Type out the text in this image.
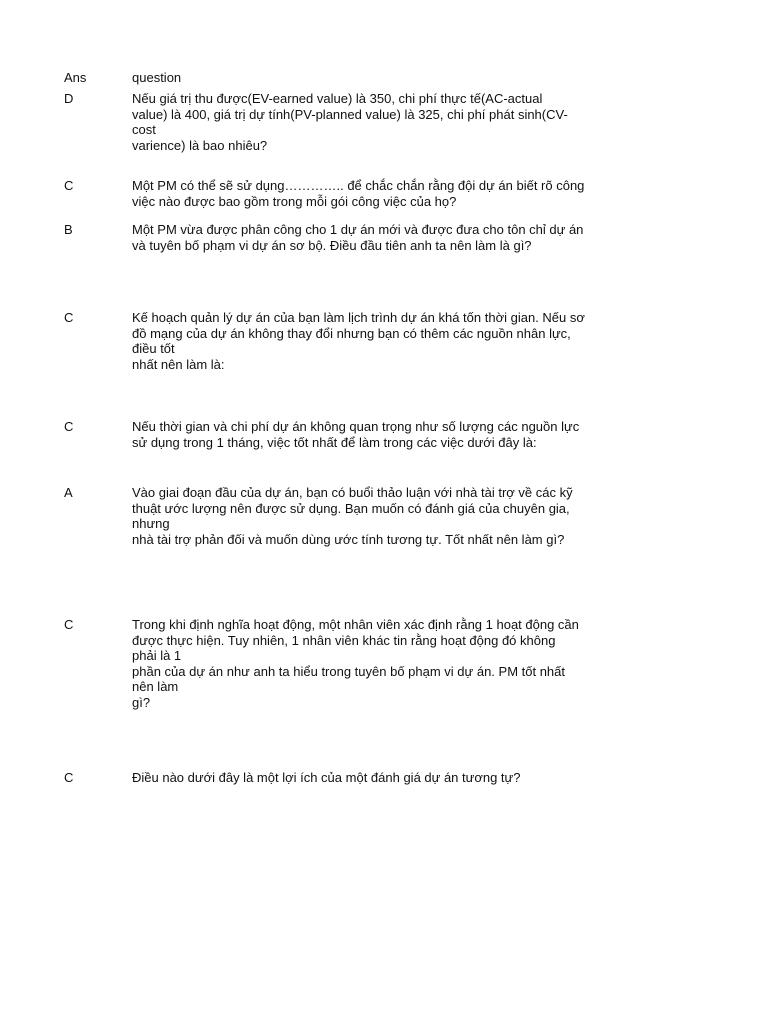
Ans	question
D	Nếu giá trị thu được(EV-earned value) là 350, chi phí thực tế(AC-actual
value) là 400, giá trị dự tính(PV-planned value) là 325, chi phí phát sinh(CV-
cost
varience) là bao nhiêu?
C	Một PM có thể sẽ sử dụng………….. để chắc chắn rằng đội dự án biết rõ công
việc nào được bao gồm trong mỗi gói công việc của họ?
B	Một PM vừa được phân công cho 1 dự án mới và được đưa cho tôn chỉ dự án
và tuyên bố phạm vi dự án sơ bộ. Điều đầu tiên anh ta nên làm là gì?
C	Kế hoạch quản lý dự án của bạn làm lịch trình dự án khá tốn thời gian. Nếu sơ
đồ mạng của dự án không thay đổi nhưng bạn có thêm các nguồn nhân lực,
điều tốt
nhất nên làm là:
C	Nếu thời gian và chi phí dự án không quan trọng như số lượng các nguồn lực
sử dụng trong 1 tháng, việc tốt nhất để làm trong các việc dưới đây là:
A	Vào giai đoạn đầu của dự án, bạn có buổi thảo luận với nhà tài trợ về các kỹ
thuật ước lượng nên được sử dụng. Bạn muốn có đánh giá của chuyên gia,
nhưng
nhà tài trợ phản đối và muốn dùng ước tính tương tự. Tốt nhất nên làm gì?
C	Trong khi định nghĩa hoạt động, một nhân viên xác định rằng 1 hoạt động cần
được thực hiện. Tuy nhiên, 1 nhân viên khác tin rằng hoạt động đó không
phải là 1
phần của dự án như anh ta hiểu trong tuyên bố phạm vi dự án. PM tốt nhất
nên làm
gì?
C	Điều nào dưới đây là một lợi ích của một đánh giá dự án tương tự?
